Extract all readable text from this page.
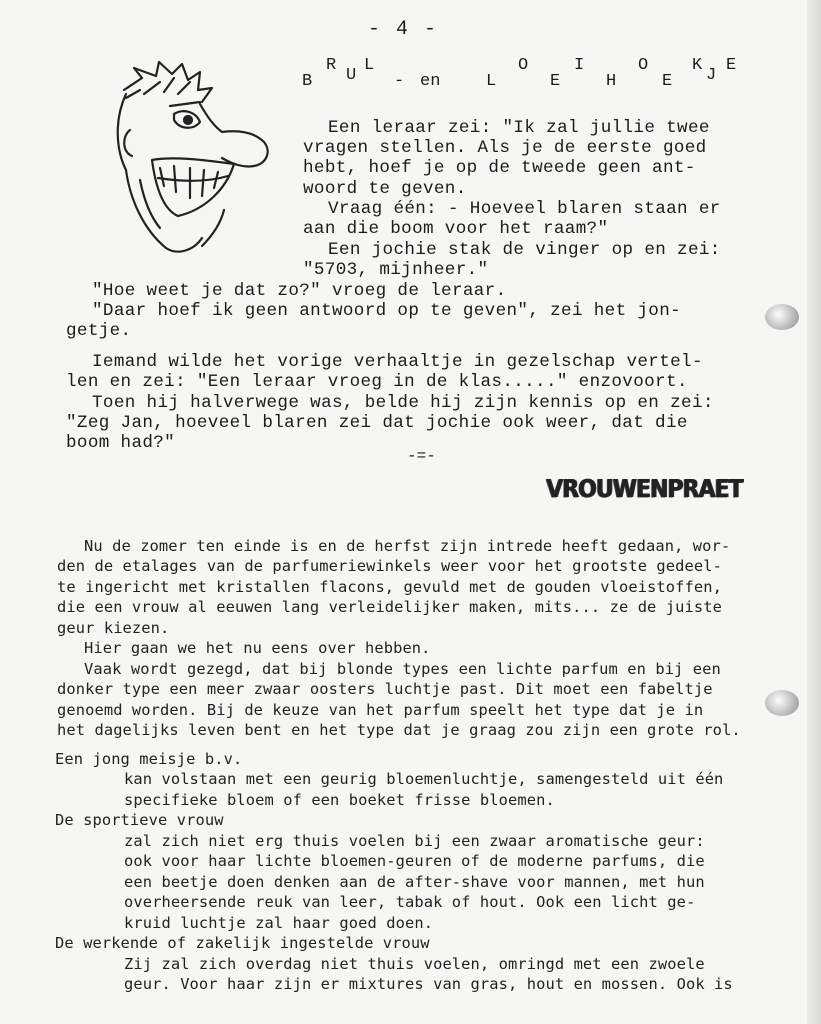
- 4 -
B
R
U
L
- en	L
O
E
I
H
O
E
K
J
E
Een leraar zei: "Ik zal jullie twee
vragen stellen. Als je de eerste goed
hebt, hoef je op de tweede geen ant-
woord te geven.
Vraag één: - Hoeveel blaren staan er
aan die boom voor het raam?"
Een jochie stak de vinger op en zei:
"5703, mijnheer."
"Hoe weet je dat zo?" vroeg de leraar.
"Daar hoef ik geen antwoord op te geven", zei het jon-
getje.
Iemand wilde het vorige verhaaltje in gezelschap vertel-
len en zei: "Een leraar vroeg in de klas....." enzovoort.
Toen hij halverwege was, belde hij zijn kennis op en zei:
"Zeg Jan, hoeveel blaren zei dat jochie ook weer, dat die
boom had?"
-=-
VROUWENPRAET
Nu de zomer ten einde is en de herfst zijn intrede heeft gedaan, wor-
den de etalages van de parfumeriewinkels weer voor het grootste gedeel-
te ingericht met kristallen flacons, gevuld met de gouden vloeistoffen,
die een vrouw al eeuwen lang verleidelijker maken, mits... ze de juiste
geur kiezen.
Hier gaan we het nu eens over hebben.
Vaak wordt gezegd, dat bij blonde types een lichte parfum en bij een
donker type een meer zwaar oosters luchtje past. Dit moet een fabeltje
genoemd worden. Bij de keuze van het parfum speelt het type dat je in
het dagelijks leven bent en het type dat je graag zou zijn een grote rol.
Een jong meisje b.v.
kan volstaan met een geurig bloemenluchtje, samengesteld uit één
specifieke bloem of een boeket frisse bloemen.
De sportieve vrouw
zal zich niet erg thuis voelen bij een zwaar aromatische geur:
ook voor haar lichte bloemen-geuren of de moderne parfums, die
een beetje doen denken aan de after-shave voor mannen, met hun
overheersende reuk van leer, tabak of hout. Ook een licht ge-
kruid luchtje zal haar goed doen.
De werkende of zakelijk ingestelde vrouw
Zij zal zich overdag niet thuis voelen, omringd met een zwoele
geur. Voor haar zijn er mixtures van gras, hout en mossen. Ook is
